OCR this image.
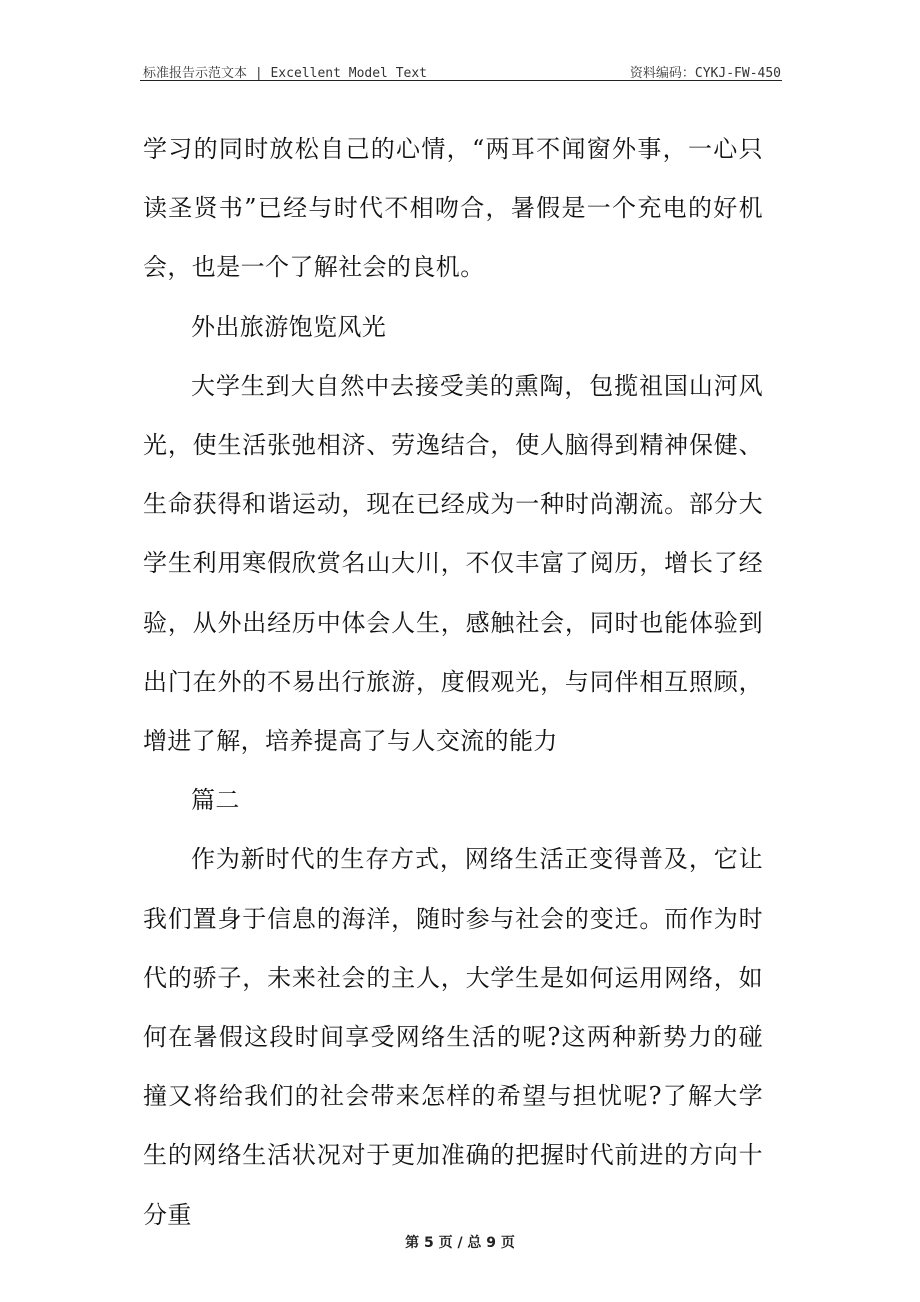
标准报告示范文本 | Excellent Model Text	资料编码：CYKJ-FW-450

学习的同时放松自己的心情，“两耳不闻窗外事，一心只读圣贤书”已经与时代不相吻合，暑假是一个充电的好机会，也是一个了解社会的良机。

外出旅游饱览风光

大学生到大自然中去接受美的熏陶，包揽祖国山河风光，使生活张弛相济、劳逸结合，使人脑得到精神保健、生命获得和谐运动，现在已经成为一种时尚潮流。部分大学生利用寒假欣赏名山大川，不仅丰富了阅历，增长了经验，从外出经历中体会人生，感触社会，同时也能体验到出门在外的不易出行旅游，度假观光，与同伴相互照顾，增进了解，培养提高了与人交流的能力

篇二

作为新时代的生存方式，网络生活正变得普及，它让我们置身于信息的海洋，随时参与社会的变迁。而作为时代的骄子，未来社会的主人，大学生是如何运用网络，如何在暑假这段时间享受网络生活的呢?这两种新势力的碰撞又将给我们的社会带来怎样的希望与担忧呢?了解大学生的网络生活状况对于更加准确的把握时代前进的方向十分重

第 5 页 / 总 9 页
